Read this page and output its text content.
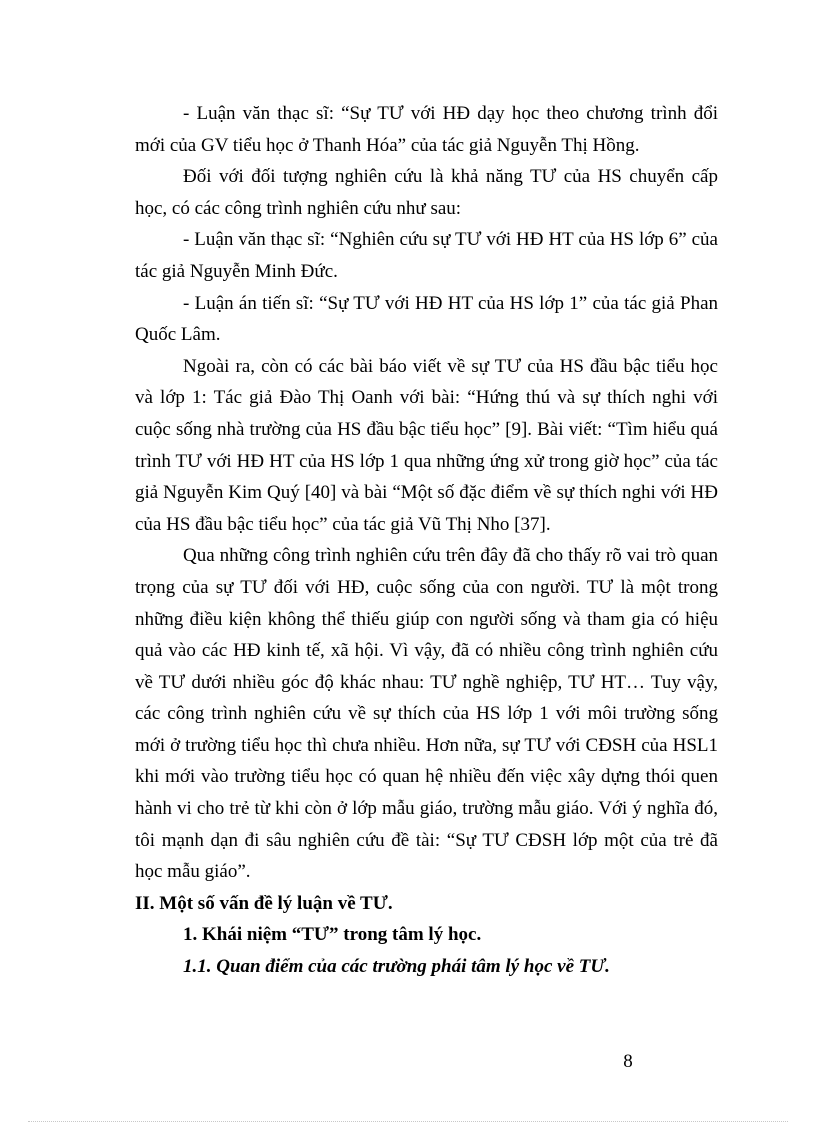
- Luận văn thạc sĩ: “Sự TƯ với HĐ dạy học theo chương trình đổi mới của GV tiểu học ở Thanh Hóa” của tác giả Nguyễn Thị Hồng.

Đối với đối tượng nghiên cứu là khả năng TƯ của HS chuyển cấp học, có các công trình nghiên cứu như sau:

- Luận văn thạc sĩ: “Nghiên cứu sự TƯ với HĐ HT của HS lớp 6” của tác giả Nguyễn Minh Đức.

- Luận án tiến sĩ: “Sự TƯ với HĐ HT của HS lớp 1” của tác giả Phan Quốc Lâm.

Ngoài ra, còn có các bài báo viết về sự TƯ của HS đầu bậc tiểu học và lớp 1: Tác giả Đào Thị Oanh với bài: “Hứng thú và sự thích nghi với cuộc sống nhà trường của HS đầu bậc tiểu học” [9]. Bài viết: “Tìm hiểu quá trình TƯ với HĐ HT của HS lớp 1 qua những ứng xử trong giờ học” của tác giả Nguyễn Kim Quý [40] và bài “Một số đặc điểm về sự thích nghi với HĐ của HS đầu bậc tiểu học” của tác giả Vũ Thị Nho [37].

Qua những công trình nghiên cứu trên đây đã cho thấy rõ vai trò quan trọng của sự TƯ đối với HĐ, cuộc sống của con người. TƯ là một trong những điều kiện không thể thiếu giúp con người sống và tham gia có hiệu quả vào các HĐ kinh tế, xã hội. Vì vậy, đã có nhiều công trình nghiên cứu về TƯ dưới nhiều góc độ khác nhau: TƯ nghề nghiệp, TƯ HT… Tuy vậy, các công trình nghiên cứu về sự thích của HS lớp 1 với môi trường sống mới ở trường tiểu học thì chưa nhiều. Hơn nữa, sự TƯ với CĐSH của HSL1 khi mới vào trường tiểu học có quan hệ nhiều đến việc xây dựng thói quen hành vi cho trẻ từ khi còn ở lớp mẫu giáo, trường mẫu giáo. Với ý nghĩa đó, tôi mạnh dạn đi sâu nghiên cứu đề tài: “Sự TƯ CĐSH lớp một của trẻ đã học mẫu giáo”.

II. Một số vấn đề lý luận về TƯ.

1. Khái niệm “TƯ” trong tâm lý học.

1.1. Quan điểm của các trường phái tâm lý học về TƯ.

8
